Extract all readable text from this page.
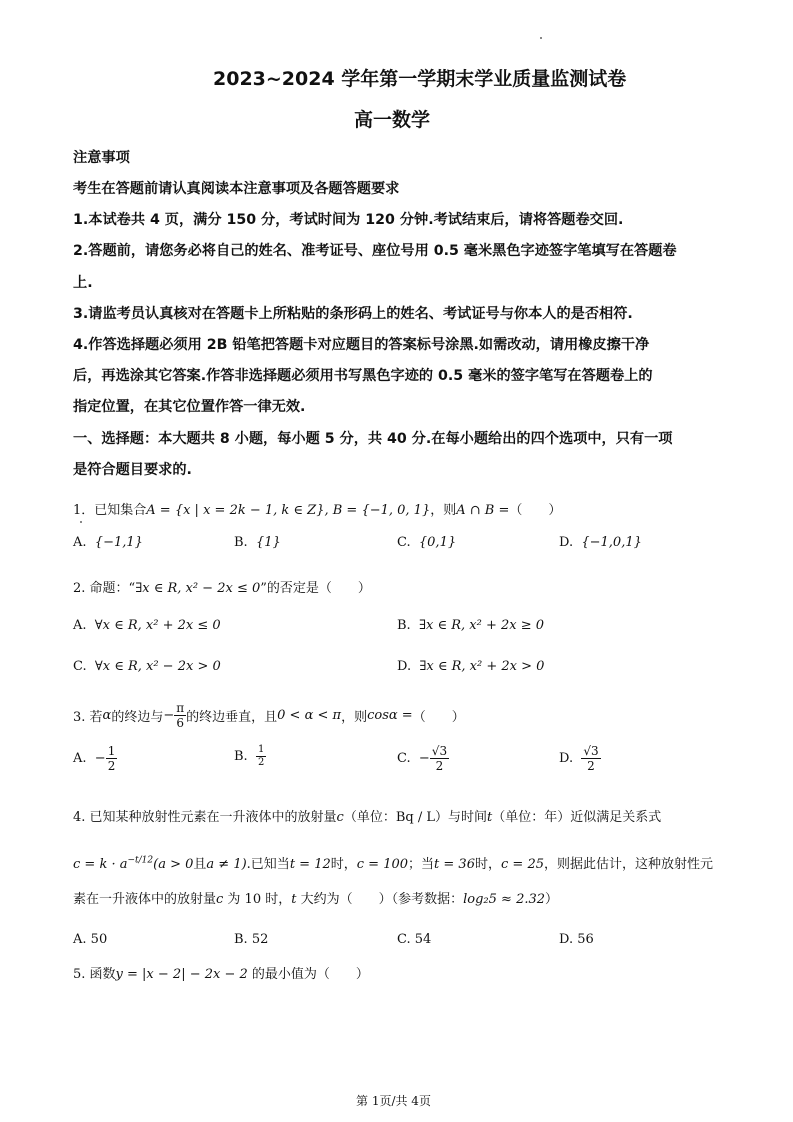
2023~2024 学年第一学期末学业质量监测试卷
高一数学
注意事项
考生在答题前请认真阅读本注意事项及各题答题要求
1.本试卷共 4 页，满分 150 分，考试时间为 120 分钟.考试结束后，请将答题卷交回.
2.答题前，请您务必将自己的姓名、准考证号、座位号用 0.5 毫米黑色字迹签字笔填写在答题卷
上.
3.请监考员认真核对在答题卡上所粘贴的条形码上的姓名、考试证号与你本人的是否相符.
4.作答选择题必须用 2B 铅笔把答题卡对应题目的答案标号涂黑.如需改动，请用橡皮擦干净
后，再选涂其它答案.作答非选择题必须用书写黑色字迹的 0.5 毫米的签字笔写在答题卷上的
指定位置，在其它位置作答一律无效.
一、选择题：本大题共 8 小题，每小题 5 分，共 40 分.在每小题给出的四个选项中，只有一项
是符合题目要求的.
1．已知集合A = {x | x = 2k − 1, k ∈ Z}, B = {−1, 0, 1}，则A ∩ B =（　　）
A. {−1,1}	B. {1}	C. {0,1}	D. {−1,0,1}
2. 命题：“∃x ∈ R, x² − 2x ≤ 0”的否定是（　　）
A. ∀x ∈ R, x² + 2x ≤ 0	B. ∃x ∈ R, x² + 2x ≥ 0
C. ∀x ∈ R, x² − 2x > 0	D. ∃x ∈ R, x² + 2x > 0
3. 若 α 的终边与 − $\frac{\pi}{6}$ 的终边垂直，且 0 < α < π ，则 cosα = （　　）
A.
− $\frac{1}{2}$	B.
$\frac{1}{2}$	C.
− $\frac{√3}{2}$	D.
$\frac{√3}{2}$
4. 已知某种放射性元素在一升液体中的放射量c（单位：Bq / L）与时间t（单位：年）近似满足关系式
$c = k \cdot a^{-t/12}(a > 0$且a ≠ 1).已知当t = 12时，c = 100；当t = 36时，c = 25，则据此估计，这种放射性元
素在一升液体中的放射量c 为 10 时，t 大约为（　　）（参考数据：log₂5 ≈ 2.32）
A. 50	B. 52	C. 54	D. 56
5. 函数y = |x − 2| − 2x − 2 的最小值为（　　）
第 1页/共 4页
